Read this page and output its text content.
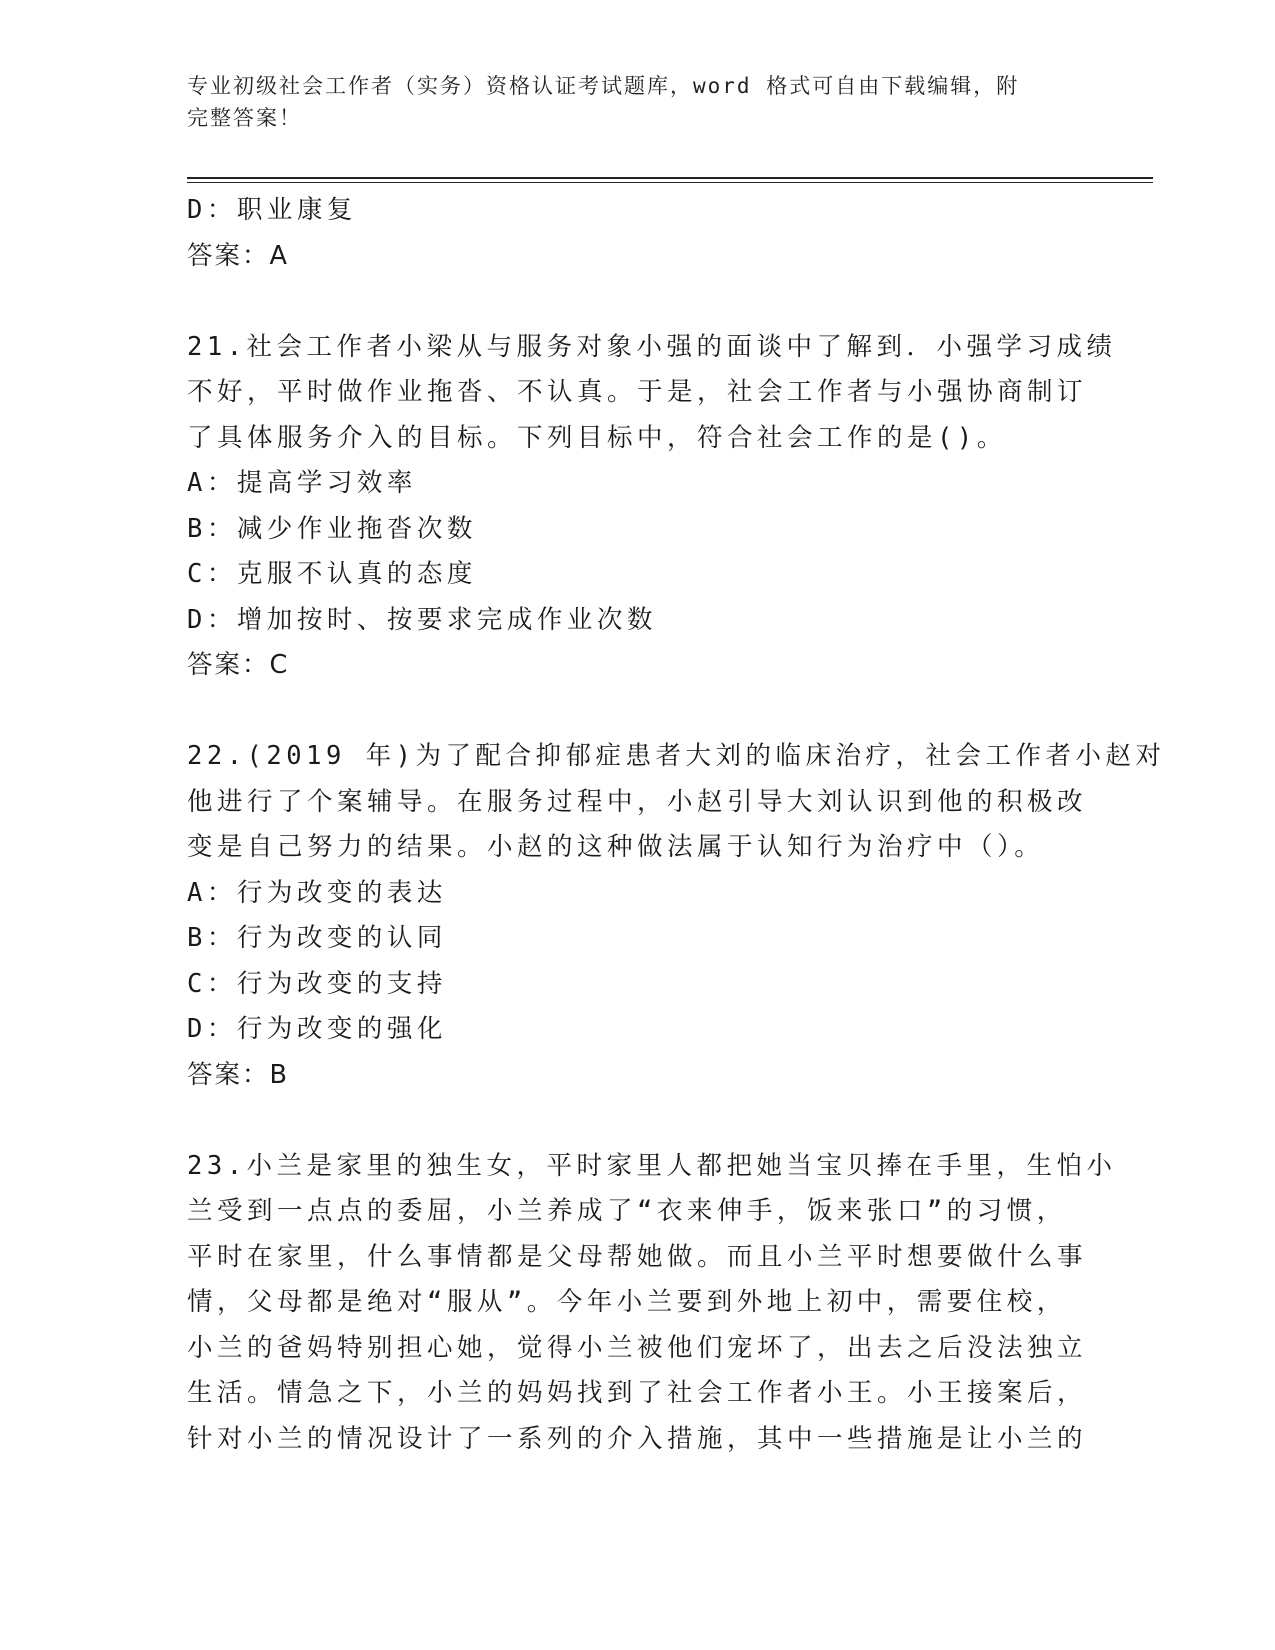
专业初级社会工作者（实务）资格认证考试题库，word 格式可自由下载编辑，附
完整答案！
D：职业康复
答案：A
21.社会工作者小梁从与服务对象小强的面谈中了解到．小强学习成绩
不好，平时做作业拖沓、不认真。于是，社会工作者与小强协商制订
了具体服务介入的目标。下列目标中，符合社会工作的是()。
A：提高学习效率
B：减少作业拖沓次数
C：克服不认真的态度
D：增加按时、按要求完成作业次数
答案：C
22.(2019 年)为了配合抑郁症患者大刘的临床治疗，社会工作者小赵对
他进行了个案辅导。在服务过程中，小赵引导大刘认识到他的积极改
变是自己努力的结果。小赵的这种做法属于认知行为治疗中（）。
A：行为改变的表达
B：行为改变的认同
C：行为改变的支持
D：行为改变的强化
答案：B
23.小兰是家里的独生女，平时家里人都把她当宝贝捧在手里，生怕小
兰受到一点点的委屈，小兰养成了“衣来伸手，饭来张口”的习惯，
平时在家里，什么事情都是父母帮她做。而且小兰平时想要做什么事
情，父母都是绝对“服从”。今年小兰要到外地上初中，需要住校，
小兰的爸妈特别担心她，觉得小兰被他们宠坏了，出去之后没法独立
生活。情急之下，小兰的妈妈找到了社会工作者小王。小王接案后，
针对小兰的情况设计了一系列的介入措施，其中一些措施是让小兰的
